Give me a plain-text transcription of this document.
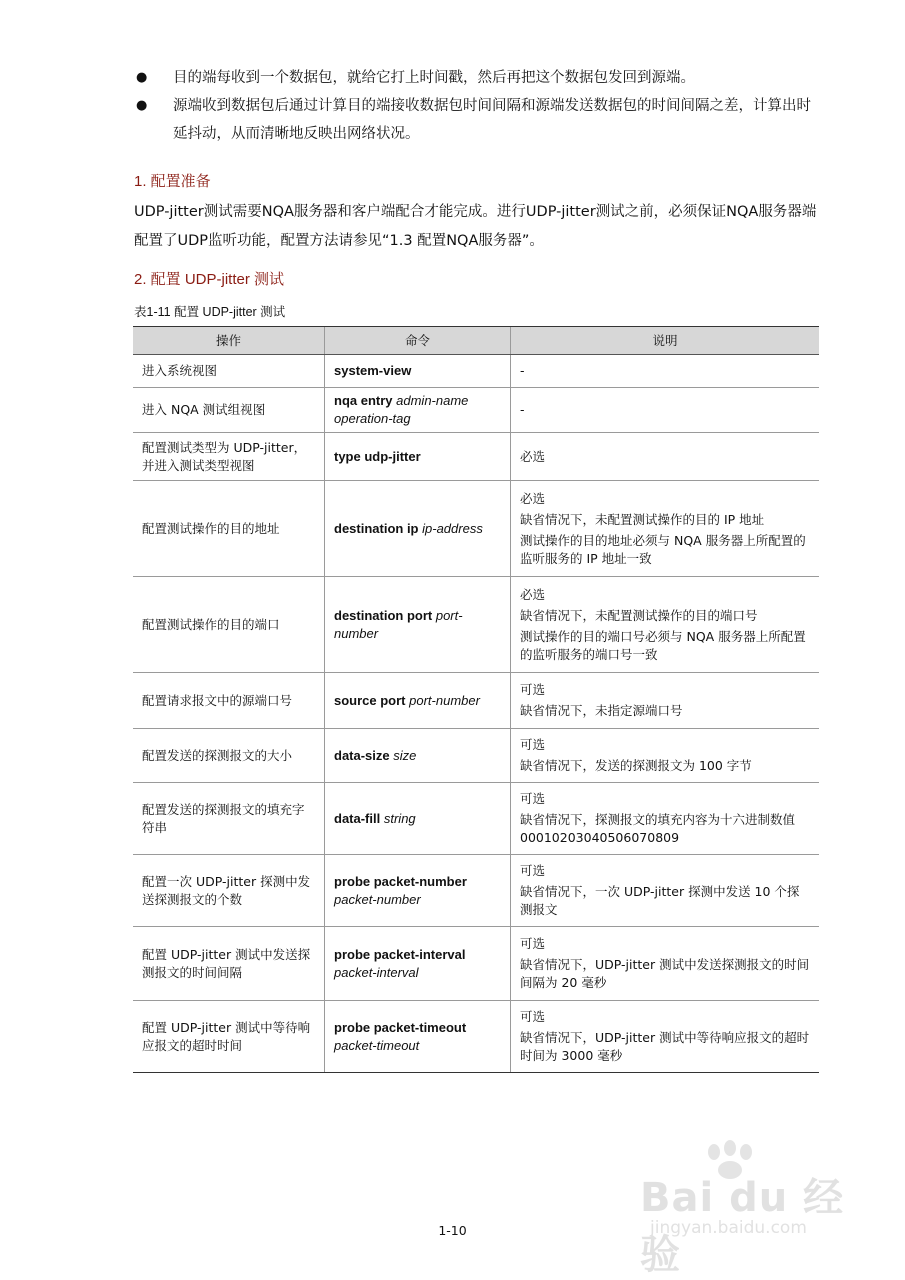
● 目的端每收到一个数据包，就给它打上时间戳，然后再把这个数据包发回到源端。
● 源端收到数据包后通过计算目的端接收数据包时间间隔和源端发送数据包的时间间隔之差，计算出时延抖动，从而清晰地反映出网络状况。
1. 配置准备

UDP-jitter测试需要NQA服务器和客户端配合才能完成。进行UDP-jitter测试之前，必须保证NQA服务器端配置了UDP监听功能，配置方法请参见“1.3 配置NQA服务器”。

2. 配置 UDP-jitter 测试

表1-11 配置 UDP-jitter 测试

操作	命令	说明
进入系统视图	system-view	-

进入 NQA 测试组视图	nqa entry admin-name operation-tag	-

配置测试类型为 UDP-jitter，并进入测试类型视图	type udp-jitter	必选

配置测试操作的目的地址	destination ip ip-address	必选
缺省情况下，未配置测试操作的目的 IP 地址
测试操作的目的地址必须与 NQA 服务器上所配置的监听服务的 IP 地址一致

配置测试操作的目的端口	destination port port-number	必选
缺省情况下，未配置测试操作的目的端口号
测试操作的目的端口号必须与 NQA 服务器上所配置的监听服务的端口号一致

配置请求报文中的源端口号	source port port-number	可选
缺省情况下，未指定源端口号

配置发送的探测报文的大小	data-size size	可选
缺省情况下，发送的探测报文为 100 字节

配置发送的探测报文的填充字符串	data-fill string	可选
缺省情况下，探测报文的填充内容为十六进制数值 00010203040506070809

配置一次 UDP-jitter 探测中发送探测报文的个数	probe packet-number packet-number	可选
缺省情况下，一次 UDP-jitter 探测中发送 10 个探测报文

配置 UDP-jitter 测试中发送探测报文的时间间隔	probe packet-interval packet-interval	可选
缺省情况下，UDP-jitter 测试中发送探测报文的时间间隔为 20 毫秒

配置 UDP-jitter 测试中等待响应报文的超时时间	probe packet-timeout packet-timeout	可选
缺省情况下，UDP-jitter 测试中等待响应报文的超时时间为 3000 毫秒

1-10

Bai du 经验
jingyan.baidu.com
